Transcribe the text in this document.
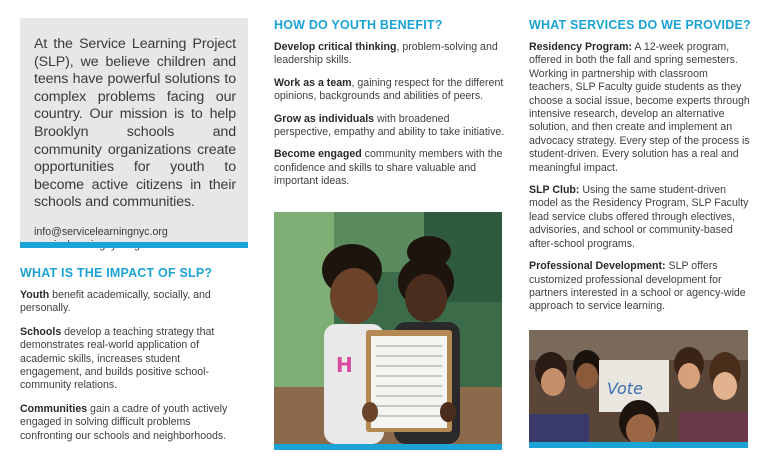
At the Service Learning Project (SLP), we believe children and teens have powerful solutions to complex problems facing our country. Our mission is to help Brooklyn schools and community organizations create opportunities for youth to become active citizens in their schools and communities.

info@servicelearningnyc.org
WHAT IS THE IMPACT OF SLP?

Youth benefit academically, socially, and personally.

Schools develop a teaching strategy that demonstrates real-world application of academic skills, increases student engagement, and builds positive school-community relations.

Communities gain a cadre of youth actively engaged in solving difficult problems confronting our schools and neighborhoods.

HOW DO YOUTH BENEFIT?

Develop critical thinking, problem-solving and leadership skills.

Work as a team, gaining respect for the different opinions, backgrounds and abilities of peers.

Grow as individuals with broadened perspective, empathy and ability to take initiative.

Become engaged community members with the confidence and skills to share valuable and important ideas.

H
WHAT SERVICES DO WE PROVIDE?

Residency Program: A 12-week program, offered in both the fall and spring semesters. Working in partnership with classroom teachers, SLP Faculty guide students as they choose a social issue, become experts through intensive research, develop an alternative solution, and then create and implement an advocacy strategy. Every step of the process is student-driven. Every solution has a real and meaningful impact.

SLP Club: Using the same student-driven model as the Residency Program, SLP Faculty lead service clubs offered through electives, advisories, and school or community-based after-school programs.

Professional Development: SLP offers customized professional development for partners interested in a school or agency-wide approach to service learning.

Vote
